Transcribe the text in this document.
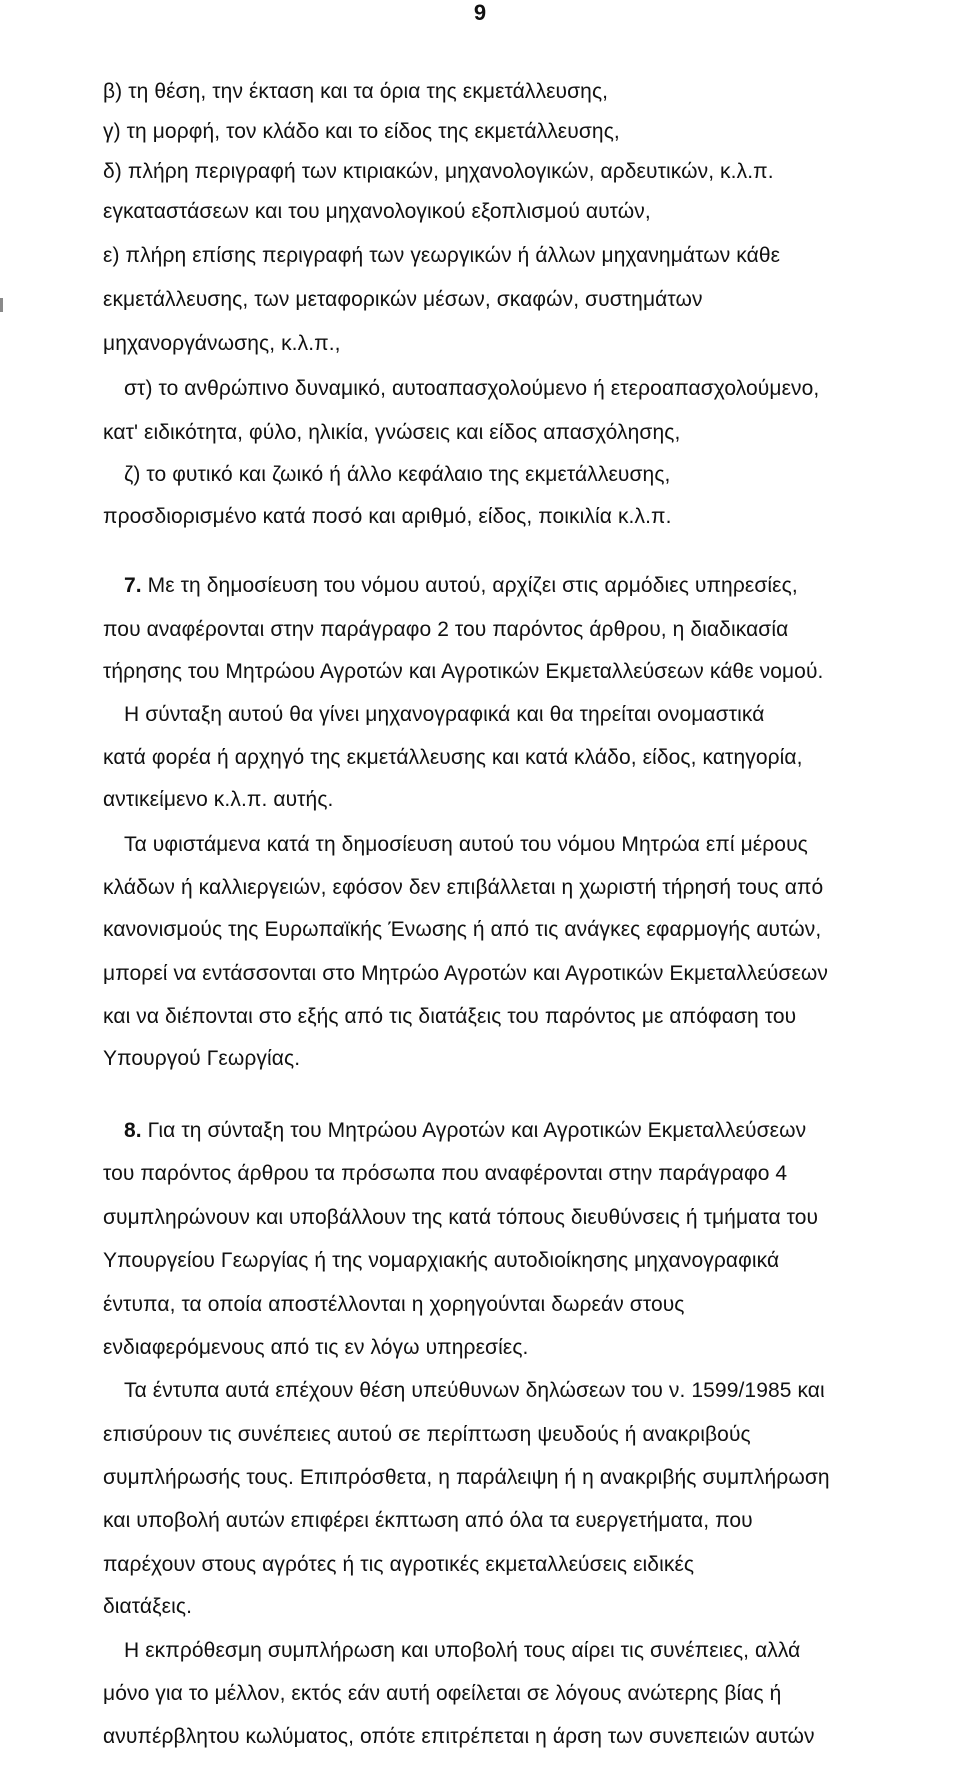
9
β) τη θέση, την έκταση και τα όρια της εκμετάλλευσης,
γ) τη μορφή, τον κλάδο και το είδος της εκμετάλλευσης,
δ) πλήρη περιγραφή των κτιριακών, μηχανολογικών, αρδευτικών, κ.λ.π.
εγκαταστάσεων και του μηχανολογικού εξοπλισμού αυτών,
ε) πλήρη επίσης περιγραφή των γεωργικών ή άλλων μηχανημάτων κάθε
εκμετάλλευσης, των μεταφορικών μέσων, σκαφών, συστημάτων
μηχανοργάνωσης, κ.λ.π.,
στ) το ανθρώπινο δυναμικό, αυτοαπασχολούμενο ή ετεροαπασχολούμενο,
κατ' ειδικότητα, φύλο, ηλικία, γνώσεις και είδος απασχόλησης,
ζ) το φυτικό και ζωικό ή άλλο κεφάλαιο της εκμετάλλευσης,
προσδιορισμένο κατά ποσό και αριθμό, είδος, ποικιλία κ.λ.π.
7. Με τη δημοσίευση του νόμου αυτού, αρχίζει στις αρμόδιες υπηρεσίες,
που αναφέρονται στην παράγραφο 2 του παρόντος άρθρου, η διαδικασία
τήρησης του Μητρώου Αγροτών και Αγροτικών Εκμεταλλεύσεων κάθε νομού.
Η σύνταξη αυτού θα γίνει μηχανογραφικά και θα τηρείται ονομαστικά
κατά φορέα ή αρχηγό της εκμετάλλευσης και κατά κλάδο, είδος, κατηγορία,
αντικείμενο κ.λ.π. αυτής.
Τα υφιστάμενα κατά τη δημοσίευση αυτού του νόμου Μητρώα επί μέρους
κλάδων ή καλλιεργειών, εφόσον δεν επιβάλλεται η χωριστή τήρησή τους από
κανονισμούς της Ευρωπαϊκής Ένωσης ή από τις ανάγκες εφαρμογής αυτών,
μπορεί να εντάσσονται στο Μητρώο Αγροτών και Αγροτικών Εκμεταλλεύσεων
και να διέπονται στο εξής από τις διατάξεις του παρόντος με απόφαση του
Υπουργού Γεωργίας.
8. Για τη σύνταξη του Μητρώου Αγροτών και Αγροτικών Εκμεταλλεύσεων
του παρόντος άρθρου τα πρόσωπα που αναφέρονται στην παράγραφο 4
συμπληρώνουν και υποβάλλουν της κατά τόπους διευθύνσεις ή τμήματα του
Υπουργείου Γεωργίας ή της νομαρχιακής αυτοδιοίκησης μηχανογραφικά
έντυπα, τα οποία αποστέλλονται η χορηγούνται δωρεάν στους
ενδιαφερόμενους από τις εν λόγω υπηρεσίες.
Τα έντυπα αυτά επέχουν θέση υπεύθυνων δηλώσεων του ν. 1599/1985 και
επισύρουν τις συνέπειες αυτού σε περίπτωση ψευδούς ή ανακριβούς
συμπλήρωσής τους. Επιπρόσθετα, η παράλειψη ή η ανακριβής συμπλήρωση
και υποβολή αυτών επιφέρει έκπτωση από όλα τα ευεργετήματα, που
παρέχουν στους αγρότες ή τις αγροτικές εκμεταλλεύσεις ειδικές
διατάξεις.
Η εκπρόθεσμη συμπλήρωση και υποβολή τους αίρει τις συνέπειες, αλλά
μόνο για το μέλλον, εκτός εάν αυτή οφείλεται σε λόγους ανώτερης βίας ή
ανυπέρβλητου κωλύματος, οπότε επιτρέπεται η άρση των συνεπειών αυτών
